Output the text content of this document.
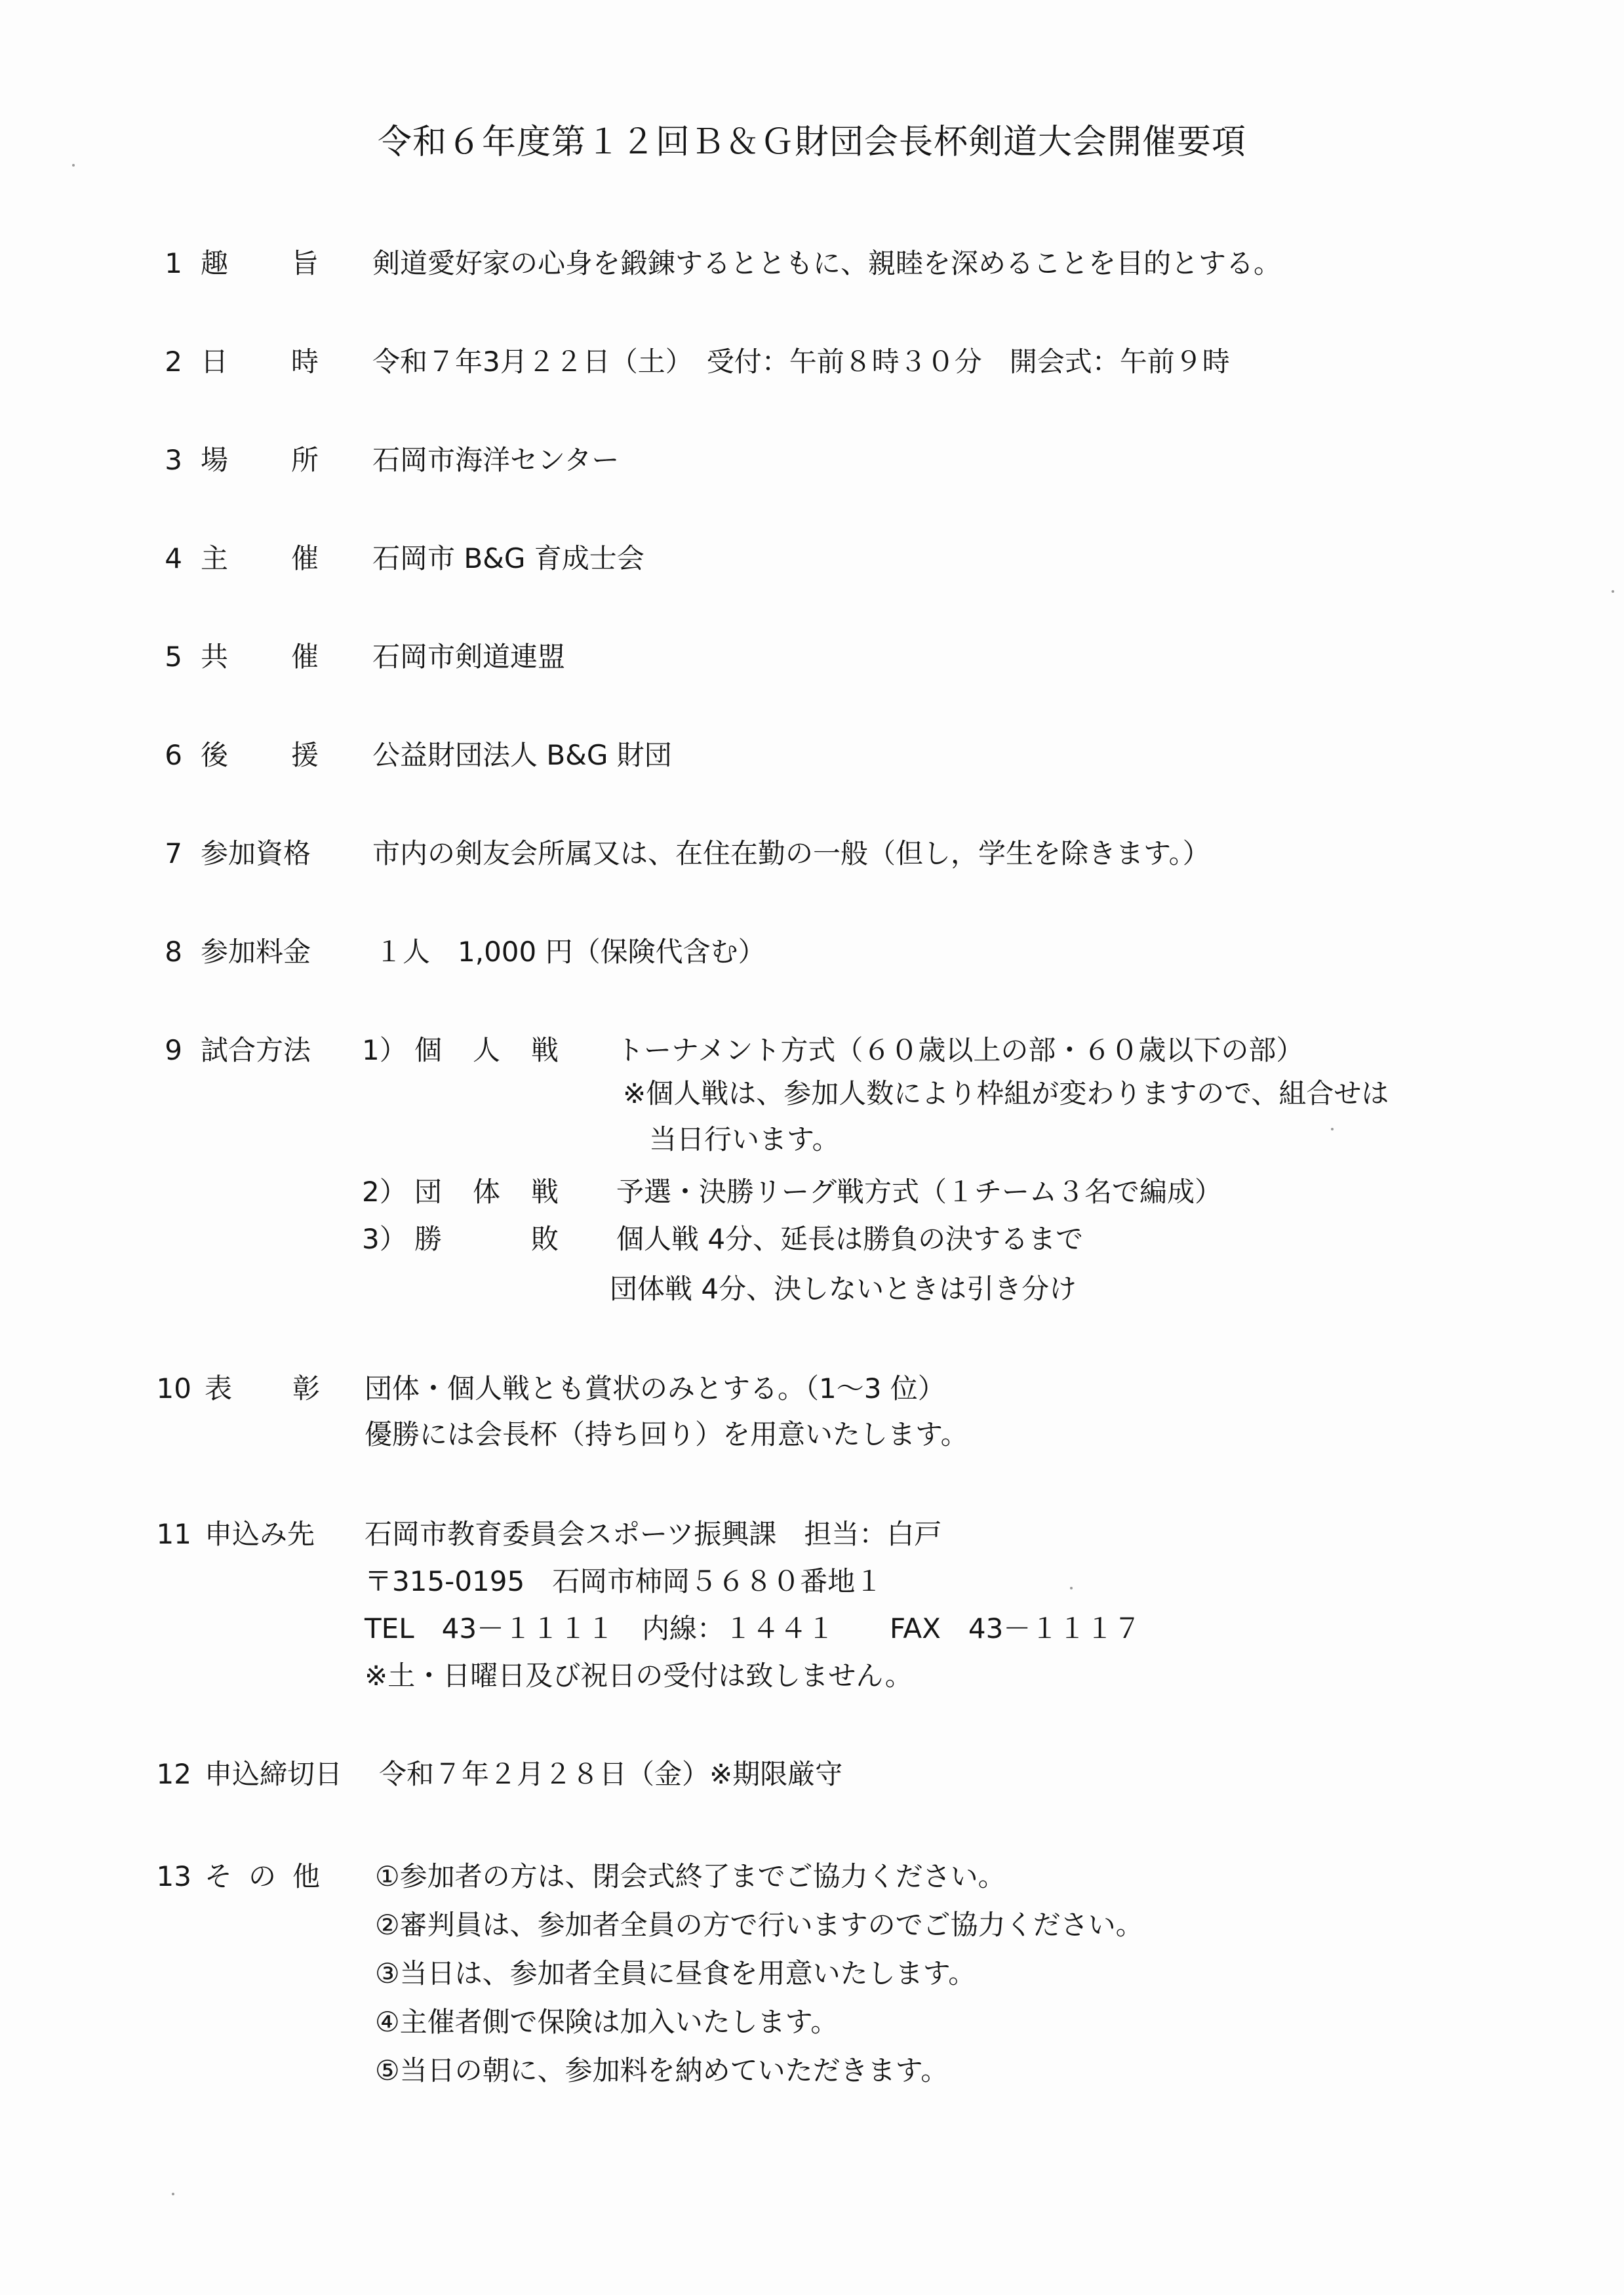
令和６年度第１２回Ｂ＆Ｇ財団会長杯剣道大会開催要項
1 趣 旨 剣道愛好家の心身を鍛錬するとともに、親睦を深めることを目的とする。
2 日 時 令和７年3月２２日（土）　受付：午前８時３０分　開会式：午前９時
3 場 所 石岡市海洋センター
4 主 催 石岡市 B&G 育成士会
5 共 催 石岡市剣道連盟
6 後 援 公益財団法人 B&G 財団
7 参加資格 市内の剣友会所属又は、在住在勤の一般（但し，学生を除きます。）
8 参加料金 １人　1,000 円（保険代含む）
9 試合方法 1） 個 人 戦 トーナメント方式（６０歳以上の部・６０歳以下の部）
※個人戦は、参加人数により枠組が変わりますので、組合せは
当日行います。
2） 団 体 戦 予選・決勝リーグ戦方式（１チーム３名で編成）
3） 勝	敗 個人戦 4分、延長は勝負の決するまで
団体戦 4分、決しないときは引き分け
10 表 彰 団体・個人戦とも賞状のみとする。（1～3 位）
優勝には会長杯（持ち回り）を用意いたします。
11 申込み先 石岡市教育委員会スポーツ振興課　担当：白戸
〒315-0195　石岡市柿岡５６８０番地１
TEL　43－１１１１　内線：１４４１　　FAX　43－１１１７
※土・日曜日及び祝日の受付は致しません。
12 申込締切日 令和７年２月２８日（金）※期限厳守
13 そ の 他 ①参加者の方は、閉会式終了までご協力ください。
②審判員は、参加者全員の方で行いますのでご協力ください。
③当日は、参加者全員に昼食を用意いたします。
④主催者側で保険は加入いたします。
⑤当日の朝に、参加料を納めていただきます。
